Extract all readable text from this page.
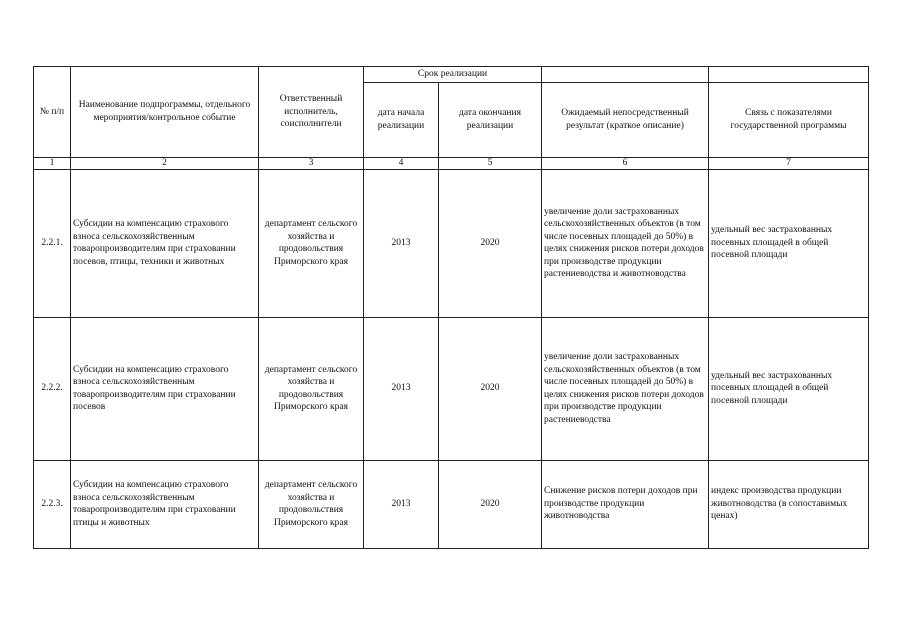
№ п/п	Наименование подпрограммы, отдельного мероприятия/контрольное событие	Ответственный исполнитель, соисполнители	Срок реализации			
			дата начала реализации	дата окончания реализации	Ожидаемый непосредственный результат (краткое описание)	Связь с показателями государственной программы
1	2	3	4	5	6	7
2.2.1.	Субсидии на компенсацию страхового взноса сельскохозяйственным товаропроизводителям при страховании посевов, птицы, техники и животных	департамент сельского хозяйства и продовольствия Приморского края	2013	2020	увеличение доли застрахованных сельскохозяйственных объектов (в том числе посевных площадей до 50%) в целях снижения рисков потери доходов при производстве продукции растениеводства и животноводства	удельный вес застрахованных посевных площадей в общей посевной площади
2.2.2.	Субсидии на компенсацию страхового взноса сельскохозяйственным товаропроизводителям при страховании посевов	департамент сельского хозяйства и продовольствия Приморского края	2013	2020	увеличение доли застрахованных сельскохозяйственных объектов (в том числе посевных площадей до 50%) в целях снижения рисков потери доходов при производстве продукции растениеводства	удельный вес застрахованных посевных площадей в общей посевной площади
2.2.3.	Субсидии на компенсацию страхового взноса сельскохозяйственным товаропроизводителям при страховании птицы и животных	департамент сельского хозяйства и продовольствия Приморского края	2013	2020	Снижение рисков потери доходов при производстве продукции животноводства	индекс производства продукции животноводства (в сопоставимых ценах)
